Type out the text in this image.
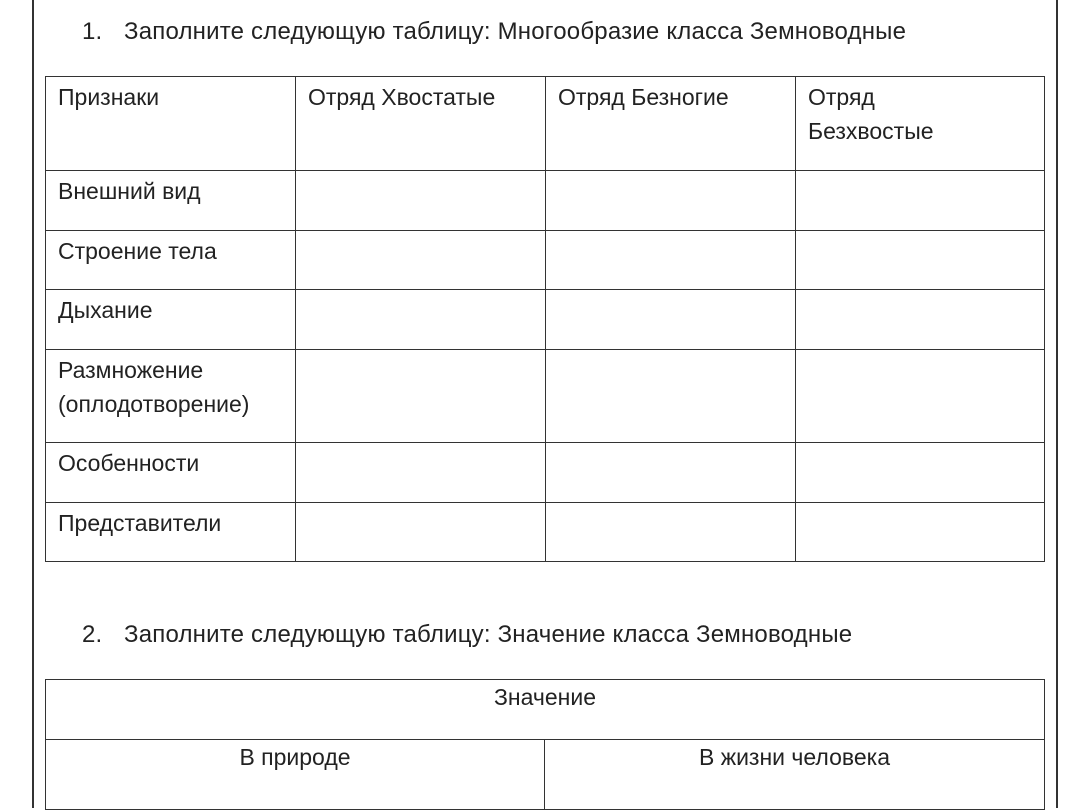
1. Заполните следующую таблицу: Многообразие класса Земноводные
Признаки	Отряд Хвостатые	Отряд Безногие	Отряд Безхвостые

Внешний вид			

Строение тела			

Дыхание			

Размножение (оплодотворение)			

Особенности			

Представители			

2. Заполните следующую таблицу: Значение класса Земноводные
Значение

В природе	В жизни человека
